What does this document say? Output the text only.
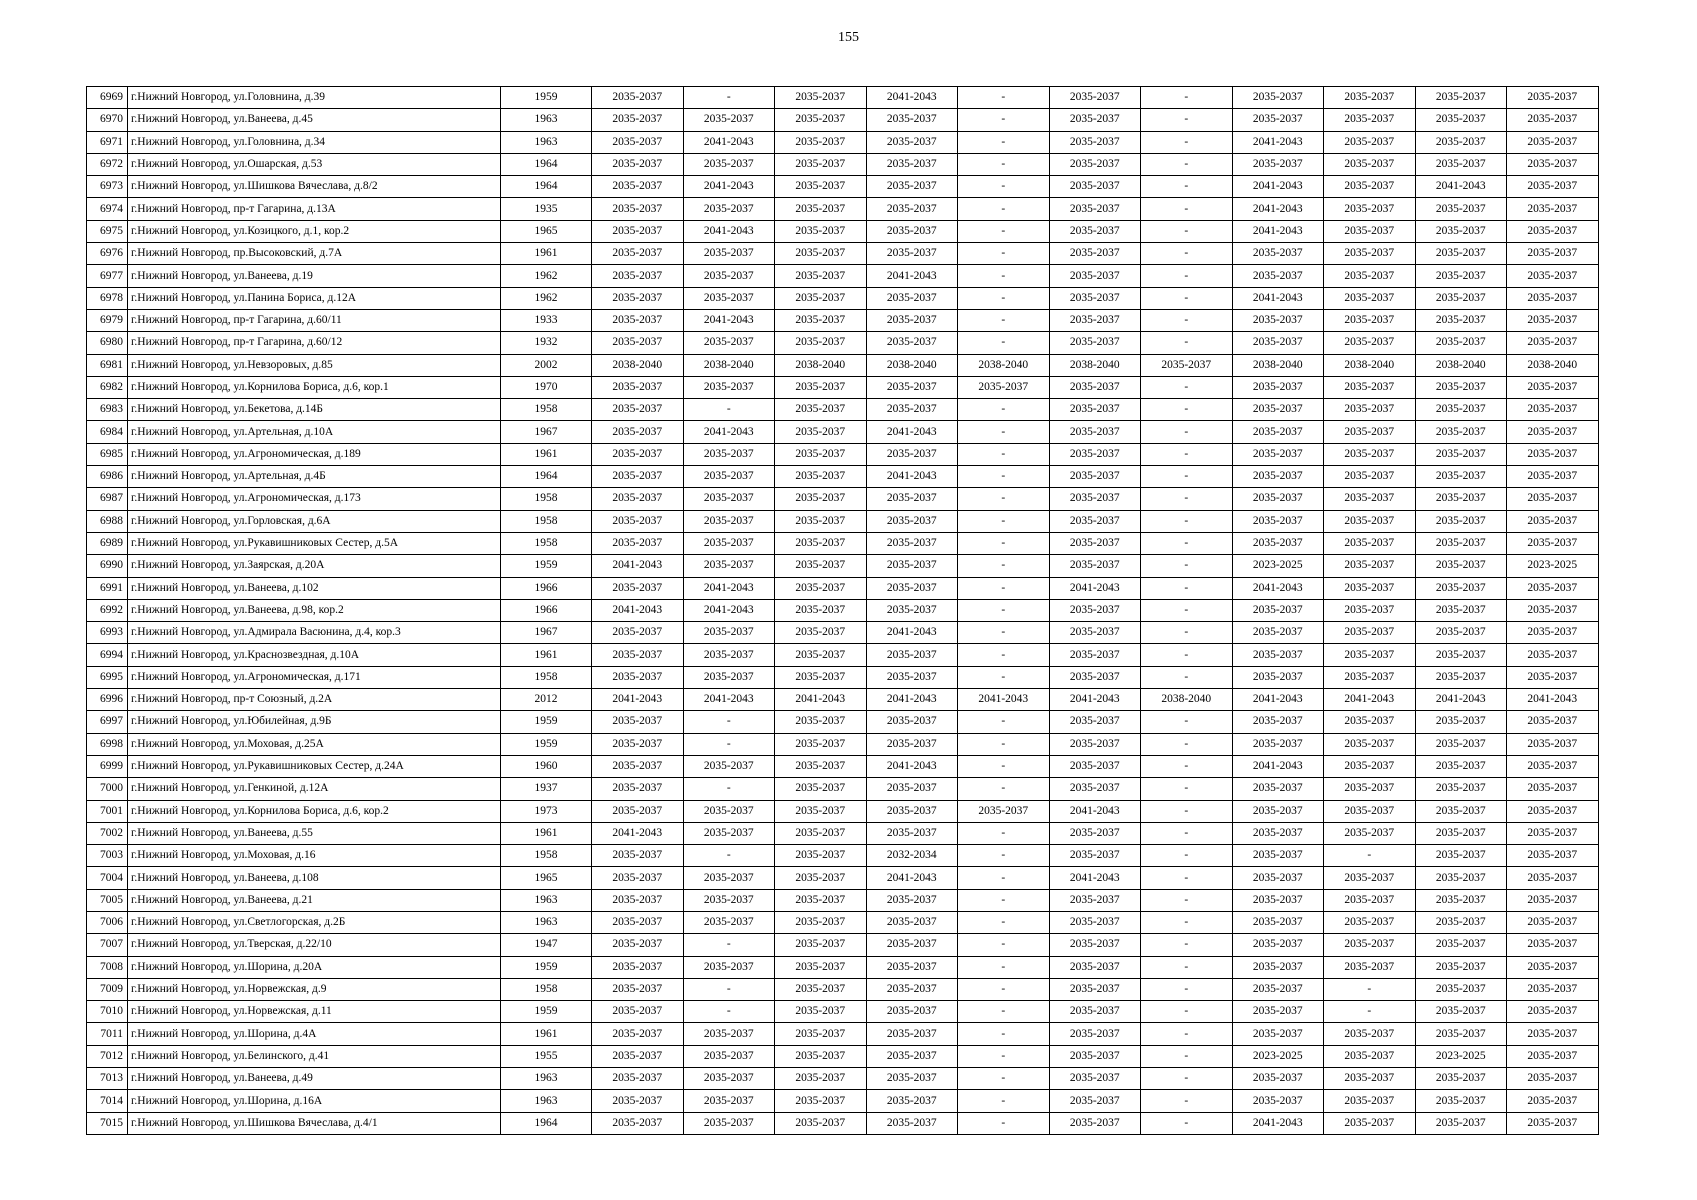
155
6969	г.Нижний Новгород, ул.Головнина, д.39	1959	2035-2037	-	2035-2037	2041-2043	-	2035-2037	-	2035-2037	2035-2037	2035-2037	2035-2037
6970	г.Нижний Новгород, ул.Ванеева, д.45	1963	2035-2037	2035-2037	2035-2037	2035-2037	-	2035-2037	-	2035-2037	2035-2037	2035-2037	2035-2037
6971	г.Нижний Новгород, ул.Головнина, д.34	1963	2035-2037	2041-2043	2035-2037	2035-2037	-	2035-2037	-	2041-2043	2035-2037	2035-2037	2035-2037
6972	г.Нижний Новгород, ул.Ошарская, д.53	1964	2035-2037	2035-2037	2035-2037	2035-2037	-	2035-2037	-	2035-2037	2035-2037	2035-2037	2035-2037
6973	г.Нижний Новгород, ул.Шишкова Вячеслава, д.8/2	1964	2035-2037	2041-2043	2035-2037	2035-2037	-	2035-2037	-	2041-2043	2035-2037	2041-2043	2035-2037
6974	г.Нижний Новгород, пр-т Гагарина, д.13А	1935	2035-2037	2035-2037	2035-2037	2035-2037	-	2035-2037	-	2041-2043	2035-2037	2035-2037	2035-2037
6975	г.Нижний Новгород, ул.Козицкого, д.1, кор.2	1965	2035-2037	2041-2043	2035-2037	2035-2037	-	2035-2037	-	2041-2043	2035-2037	2035-2037	2035-2037
6976	г.Нижний Новгород, пр.Высоковский, д.7А	1961	2035-2037	2035-2037	2035-2037	2035-2037	-	2035-2037	-	2035-2037	2035-2037	2035-2037	2035-2037
6977	г.Нижний Новгород, ул.Ванеева, д.19	1962	2035-2037	2035-2037	2035-2037	2041-2043	-	2035-2037	-	2035-2037	2035-2037	2035-2037	2035-2037
6978	г.Нижний Новгород, ул.Панина Бориса, д.12А	1962	2035-2037	2035-2037	2035-2037	2035-2037	-	2035-2037	-	2041-2043	2035-2037	2035-2037	2035-2037
6979	г.Нижний Новгород, пр-т Гагарина, д.60/11	1933	2035-2037	2041-2043	2035-2037	2035-2037	-	2035-2037	-	2035-2037	2035-2037	2035-2037	2035-2037
6980	г.Нижний Новгород, пр-т Гагарина, д.60/12	1932	2035-2037	2035-2037	2035-2037	2035-2037	-	2035-2037	-	2035-2037	2035-2037	2035-2037	2035-2037
6981	г.Нижний Новгород, ул.Невзоровых, д.85	2002	2038-2040	2038-2040	2038-2040	2038-2040	2038-2040	2038-2040	2035-2037	2038-2040	2038-2040	2038-2040	2038-2040
6982	г.Нижний Новгород, ул.Корнилова Бориса, д.6, кор.1	1970	2035-2037	2035-2037	2035-2037	2035-2037	2035-2037	2035-2037	-	2035-2037	2035-2037	2035-2037	2035-2037
6983	г.Нижний Новгород, ул.Бекетова, д.14Б	1958	2035-2037	-	2035-2037	2035-2037	-	2035-2037	-	2035-2037	2035-2037	2035-2037	2035-2037
6984	г.Нижний Новгород, ул.Артельная, д.10А	1967	2035-2037	2041-2043	2035-2037	2041-2043	-	2035-2037	-	2035-2037	2035-2037	2035-2037	2035-2037
6985	г.Нижний Новгород, ул.Агрономическая, д.189	1961	2035-2037	2035-2037	2035-2037	2035-2037	-	2035-2037	-	2035-2037	2035-2037	2035-2037	2035-2037
6986	г.Нижний Новгород, ул.Артельная, д.4Б	1964	2035-2037	2035-2037	2035-2037	2041-2043	-	2035-2037	-	2035-2037	2035-2037	2035-2037	2035-2037
6987	г.Нижний Новгород, ул.Агрономическая, д.173	1958	2035-2037	2035-2037	2035-2037	2035-2037	-	2035-2037	-	2035-2037	2035-2037	2035-2037	2035-2037
6988	г.Нижний Новгород, ул.Горловская, д.6А	1958	2035-2037	2035-2037	2035-2037	2035-2037	-	2035-2037	-	2035-2037	2035-2037	2035-2037	2035-2037
6989	г.Нижний Новгород, ул.Рукавишниковых Сестер, д.5А	1958	2035-2037	2035-2037	2035-2037	2035-2037	-	2035-2037	-	2035-2037	2035-2037	2035-2037	2035-2037
6990	г.Нижний Новгород, ул.Заярская, д.20А	1959	2041-2043	2035-2037	2035-2037	2035-2037	-	2035-2037	-	2023-2025	2035-2037	2035-2037	2023-2025
6991	г.Нижний Новгород, ул.Ванеева, д.102	1966	2035-2037	2041-2043	2035-2037	2035-2037	-	2041-2043	-	2041-2043	2035-2037	2035-2037	2035-2037
6992	г.Нижний Новгород, ул.Ванеева, д.98, кор.2	1966	2041-2043	2041-2043	2035-2037	2035-2037	-	2035-2037	-	2035-2037	2035-2037	2035-2037	2035-2037
6993	г.Нижний Новгород, ул.Адмирала Васюнина, д.4, кор.3	1967	2035-2037	2035-2037	2035-2037	2041-2043	-	2035-2037	-	2035-2037	2035-2037	2035-2037	2035-2037
6994	г.Нижний Новгород, ул.Краснозвездная, д.10А	1961	2035-2037	2035-2037	2035-2037	2035-2037	-	2035-2037	-	2035-2037	2035-2037	2035-2037	2035-2037
6995	г.Нижний Новгород, ул.Агрономическая, д.171	1958	2035-2037	2035-2037	2035-2037	2035-2037	-	2035-2037	-	2035-2037	2035-2037	2035-2037	2035-2037
6996	г.Нижний Новгород, пр-т Союзный, д.2А	2012	2041-2043	2041-2043	2041-2043	2041-2043	2041-2043	2041-2043	2038-2040	2041-2043	2041-2043	2041-2043	2041-2043
6997	г.Нижний Новгород, ул.Юбилейная, д.9Б	1959	2035-2037	-	2035-2037	2035-2037	-	2035-2037	-	2035-2037	2035-2037	2035-2037	2035-2037
6998	г.Нижний Новгород, ул.Моховая, д.25А	1959	2035-2037	-	2035-2037	2035-2037	-	2035-2037	-	2035-2037	2035-2037	2035-2037	2035-2037
6999	г.Нижний Новгород, ул.Рукавишниковых Сестер, д.24А	1960	2035-2037	2035-2037	2035-2037	2041-2043	-	2035-2037	-	2041-2043	2035-2037	2035-2037	2035-2037
7000	г.Нижний Новгород, ул.Генкиной, д.12А	1937	2035-2037	-	2035-2037	2035-2037	-	2035-2037	-	2035-2037	2035-2037	2035-2037	2035-2037
7001	г.Нижний Новгород, ул.Корнилова Бориса, д.6, кор.2	1973	2035-2037	2035-2037	2035-2037	2035-2037	2035-2037	2041-2043	-	2035-2037	2035-2037	2035-2037	2035-2037
7002	г.Нижний Новгород, ул.Ванеева, д.55	1961	2041-2043	2035-2037	2035-2037	2035-2037	-	2035-2037	-	2035-2037	2035-2037	2035-2037	2035-2037
7003	г.Нижний Новгород, ул.Моховая, д.16	1958	2035-2037	-	2035-2037	2032-2034	-	2035-2037	-	2035-2037	-	2035-2037	2035-2037
7004	г.Нижний Новгород, ул.Ванеева, д.108	1965	2035-2037	2035-2037	2035-2037	2041-2043	-	2041-2043	-	2035-2037	2035-2037	2035-2037	2035-2037
7005	г.Нижний Новгород, ул.Ванеева, д.21	1963	2035-2037	2035-2037	2035-2037	2035-2037	-	2035-2037	-	2035-2037	2035-2037	2035-2037	2035-2037
7006	г.Нижний Новгород, ул.Светлогорская, д.2Б	1963	2035-2037	2035-2037	2035-2037	2035-2037	-	2035-2037	-	2035-2037	2035-2037	2035-2037	2035-2037
7007	г.Нижний Новгород, ул.Тверская, д.22/10	1947	2035-2037	-	2035-2037	2035-2037	-	2035-2037	-	2035-2037	2035-2037	2035-2037	2035-2037
7008	г.Нижний Новгород, ул.Шорина, д.20А	1959	2035-2037	2035-2037	2035-2037	2035-2037	-	2035-2037	-	2035-2037	2035-2037	2035-2037	2035-2037
7009	г.Нижний Новгород, ул.Норвежская, д.9	1958	2035-2037	-	2035-2037	2035-2037	-	2035-2037	-	2035-2037	-	2035-2037	2035-2037
7010	г.Нижний Новгород, ул.Норвежская, д.11	1959	2035-2037	-	2035-2037	2035-2037	-	2035-2037	-	2035-2037	-	2035-2037	2035-2037
7011	г.Нижний Новгород, ул.Шорина, д.4А	1961	2035-2037	2035-2037	2035-2037	2035-2037	-	2035-2037	-	2035-2037	2035-2037	2035-2037	2035-2037
7012	г.Нижний Новгород, ул.Белинского, д.41	1955	2035-2037	2035-2037	2035-2037	2035-2037	-	2035-2037	-	2023-2025	2035-2037	2023-2025	2035-2037
7013	г.Нижний Новгород, ул.Ванеева, д.49	1963	2035-2037	2035-2037	2035-2037	2035-2037	-	2035-2037	-	2035-2037	2035-2037	2035-2037	2035-2037
7014	г.Нижний Новгород, ул.Шорина, д.16А	1963	2035-2037	2035-2037	2035-2037	2035-2037	-	2035-2037	-	2035-2037	2035-2037	2035-2037	2035-2037
7015	г.Нижний Новгород, ул.Шишкова Вячеслава, д.4/1	1964	2035-2037	2035-2037	2035-2037	2035-2037	-	2035-2037	-	2041-2043	2035-2037	2035-2037	2035-2037
